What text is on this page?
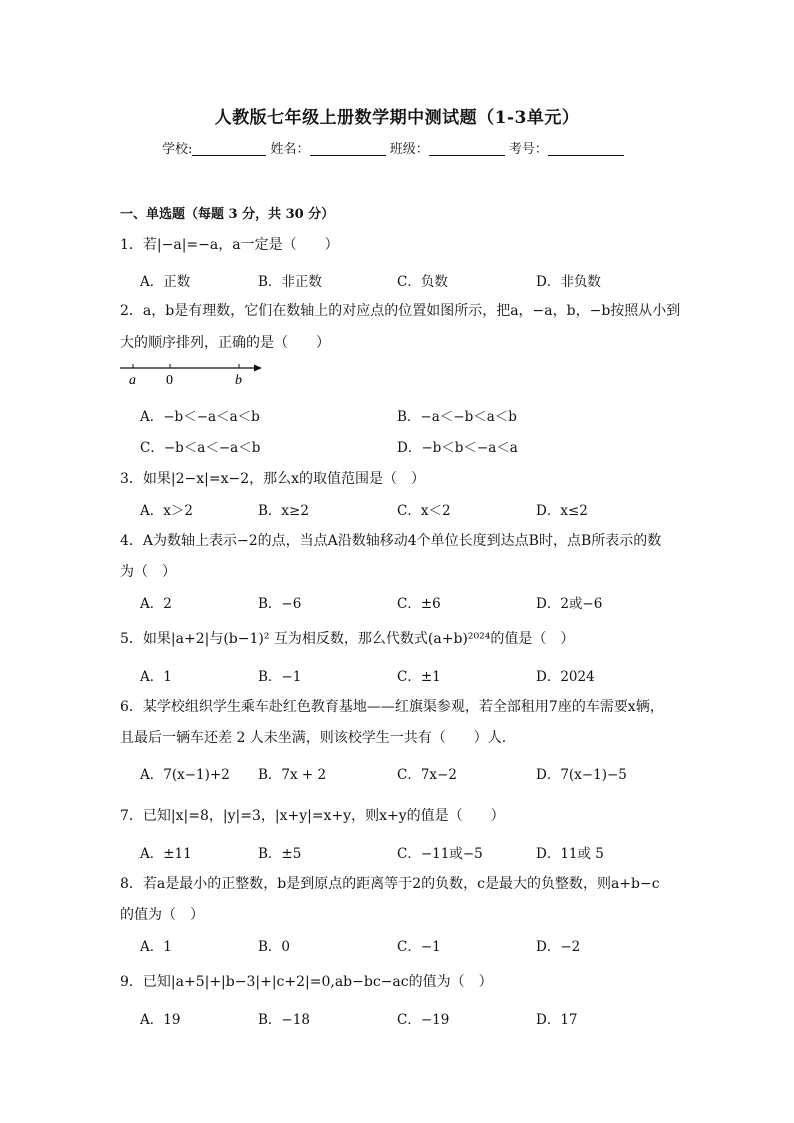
人教版七年级上册数学期中测试题（1-3单元）
学校:	姓名：	班级：	考号：
一、单选题（每题 3 分，共 30 分）
1．若|−a|=−a，a一定是（　　）
A．正数	B．非正数	C．负数	D．非负数
2．a，b是有理数，它们在数轴上的对应点的位置如图所示，把a，−a，b，−b按照从小到
大的顺序排列，正确的是（　　）
a 0	b
A．−b＜−a＜a＜b	B．−a＜−b＜a＜b
C．−b＜a＜−a＜b	D．−b＜b＜−a＜a
3．如果|2−x|=x−2，那么x的取值范围是（　）
A．x＞2	B．x≥2	C．x＜2	D．x≤2
4．A为数轴上表示−2的点，当点A沿数轴移动4个单位长度到达点B时，点B所表示的数
为（　）
A．2	B．−6	C．±6	D．2或−6
5．如果|a+2|与(b−1)² 互为相反数，那么代数式(a+b)²⁰²⁴的值是（　）
A．1	B．−1	C．±1	D．2024
6．某学校组织学生乘车赴红色教育基地——红旗渠参观，若全部租用7座的车需要x辆，
且最后一辆车还差 2 人未坐满，则该校学生一共有（　　）人．
A．7(x−1)+2 B．7x + 2	C．7x−2	D．7(x−1)−5
7．已知|x|=8，|y|=3，|x+y|=x+y，则x+y的值是（　　）
A．±11	B．±5	C．−11或−5	D．11或 5
8．若a是最小的正整数，b是到原点的距离等于2的负数，c是最大的负整数，则a+b−c
的值为（　）
A．1	B．0	C．−1	D．−2
9．已知|a+5|+|b−3|+|c+2|=0,ab−bc−ac的值为（　）
A．19	B．−18	C．−19	D．17
